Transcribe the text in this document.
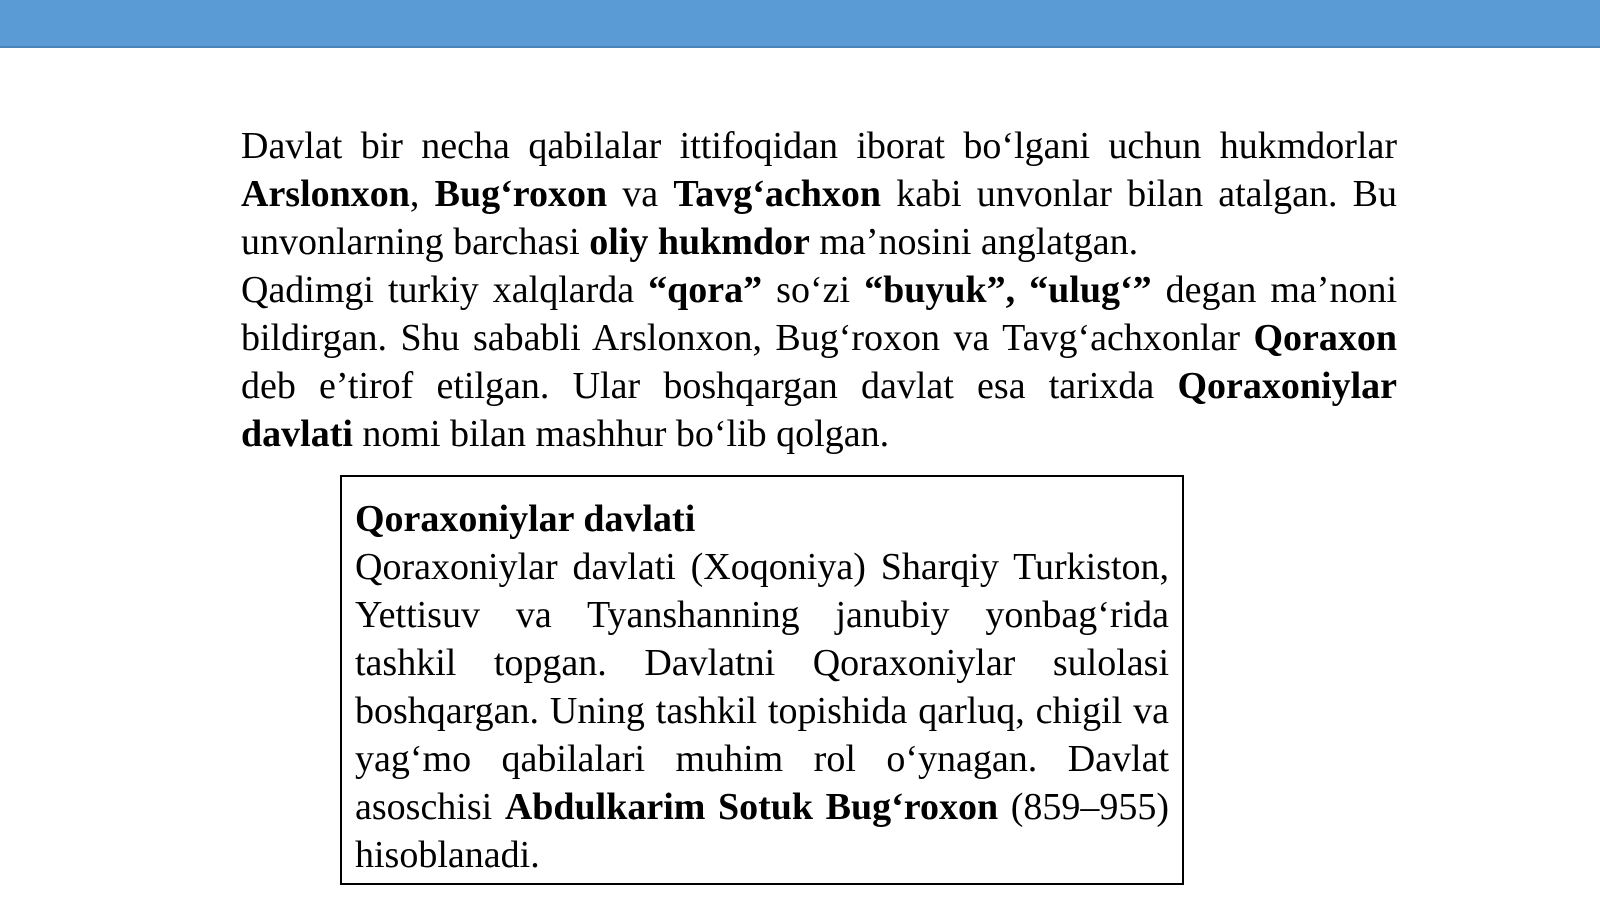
Davlat bir necha qabilalar ittifoqidan iborat bo‘lgani uchun hukmdorlar Arslonxon, Bug‘roxon va Tavg‘achxon kabi unvonlar bilan atalgan. Bu unvonlarning barchasi oliy hukmdor ma’nosini anglatgan.

Qadimgi turkiy xalqlarda “qora” so‘zi “buyuk”, “ulug‘” degan ma’noni bildirgan. Shu sababli Arslonxon, Bug‘roxon va Tavg‘achxonlar Qoraxon deb e’tirof etilgan. Ular boshqargan davlat esa tarixda Qoraxoniylar davlati nomi bilan mashhur bo‘lib qolgan.

Qoraxoniylar davlati

Qoraxoniylar davlati (Xoqoniya) Sharqiy Turkiston, Yettisuv va Tyanshanning janubiy yonbag‘rida tashkil topgan. Davlatni Qoraxoniylar sulolasi boshqargan. Uning tashkil topishida qarluq, chigil va yag‘mo qabilalari muhim rol o‘ynagan. Davlat asoschisi Abdulkarim Sotuk Bug‘roxon (859–955) hisoblanadi.
